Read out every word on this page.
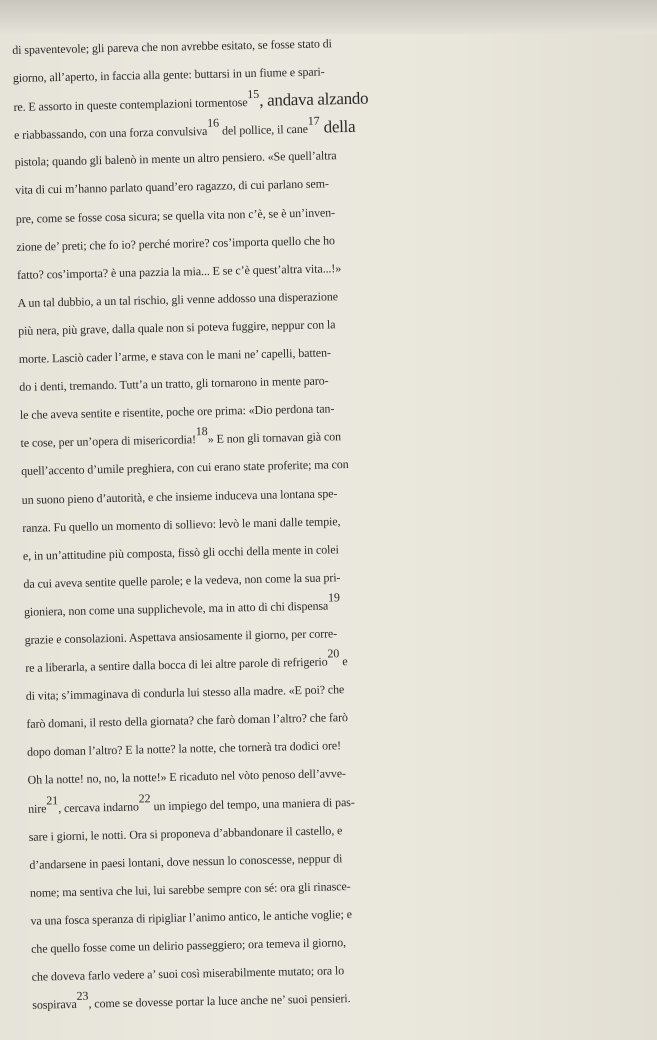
di spaventevole; gli pareva che non avrebbe esitato, se fosse stato di
giorno, all’aperto, in faccia alla gente: buttarsi in un fiume e spari-
re. E assorto in queste contemplazioni tormentose$^{15}$, andava alzando
e riabbassando, con una forza convulsiva$^{16}$ del pollice, il cane$^{17}$ della
pistola; quando gli balenò in mente un altro pensiero. «Se quell’altra
vita di cui m’hanno parlato quand’ero ragazzo, di cui parlano sem-
pre, come se fosse cosa sicura; se quella vita non c’è, se è un’inven-
zione de’ preti; che fo io? perché morire? cos’importa quello che ho
fatto? cos’importa? è una pazzia la mia... E se c’è quest’altra vita...!»
A un tal dubbio, a un tal rischio, gli venne addosso una disperazione
più nera, più grave, dalla quale non si poteva fuggire, neppur con la
morte. Lasciò cader l’arme, e stava con le mani ne’ capelli, batten-
do i denti, tremando. Tutt’a un tratto, gli tornarono in mente paro-
le che aveva sentite e risentite, poche ore prima: «Dio perdona tan-
te cose, per un’opera di misericordia!$^{18}$» E non gli tornavan già con
quell’accento d’umile preghiera, con cui erano state proferite; ma con
un suono pieno d’autorità, e che insieme induceva una lontana spe-
ranza. Fu quello un momento di sollievo: levò le mani dalle tempie,
e, in un’attitudine più composta, fissò gli occhi della mente in colei
da cui aveva sentite quelle parole; e la vedeva, non come la sua pri-
gioniera, non come una supplichevole, ma in atto di chi dispensa$^{19}$
grazie e consolazioni. Aspettava ansiosamente il giorno, per corre-
re a liberarla, a sentire dalla bocca di lei altre parole di refrigerio$^{20}$ e
di vita; s’immaginava di condurla lui stesso alla madre. «E poi? che
farò domani, il resto della giornata? che farò doman l’altro? che farò
dopo doman l’altro? E la notte? la notte, che tornerà tra dodici ore!
Oh la notte! no, no, la notte!» E ricaduto nel vòto penoso dell’avve-
nire$^{21}$, cercava indarno$^{22}$ un impiego del tempo, una maniera di pas-
sare i giorni, le notti. Ora si proponeva d’abbandonare il castello, e
d’andarsene in paesi lontani, dove nessun lo conoscesse, neppur di
nome; ma sentiva che lui, lui sarebbe sempre con sé: ora gli rinasce-
va una fosca speranza di ripigliar l’animo antico, le antiche voglie; e
che quello fosse come un delirio passeggiero; ora temeva il giorno,
che doveva farlo vedere a’ suoi così miserabilmente mutato; ora lo
sospirava$^{23}$, come se dovesse portar la luce anche ne’ suoi pensieri.
